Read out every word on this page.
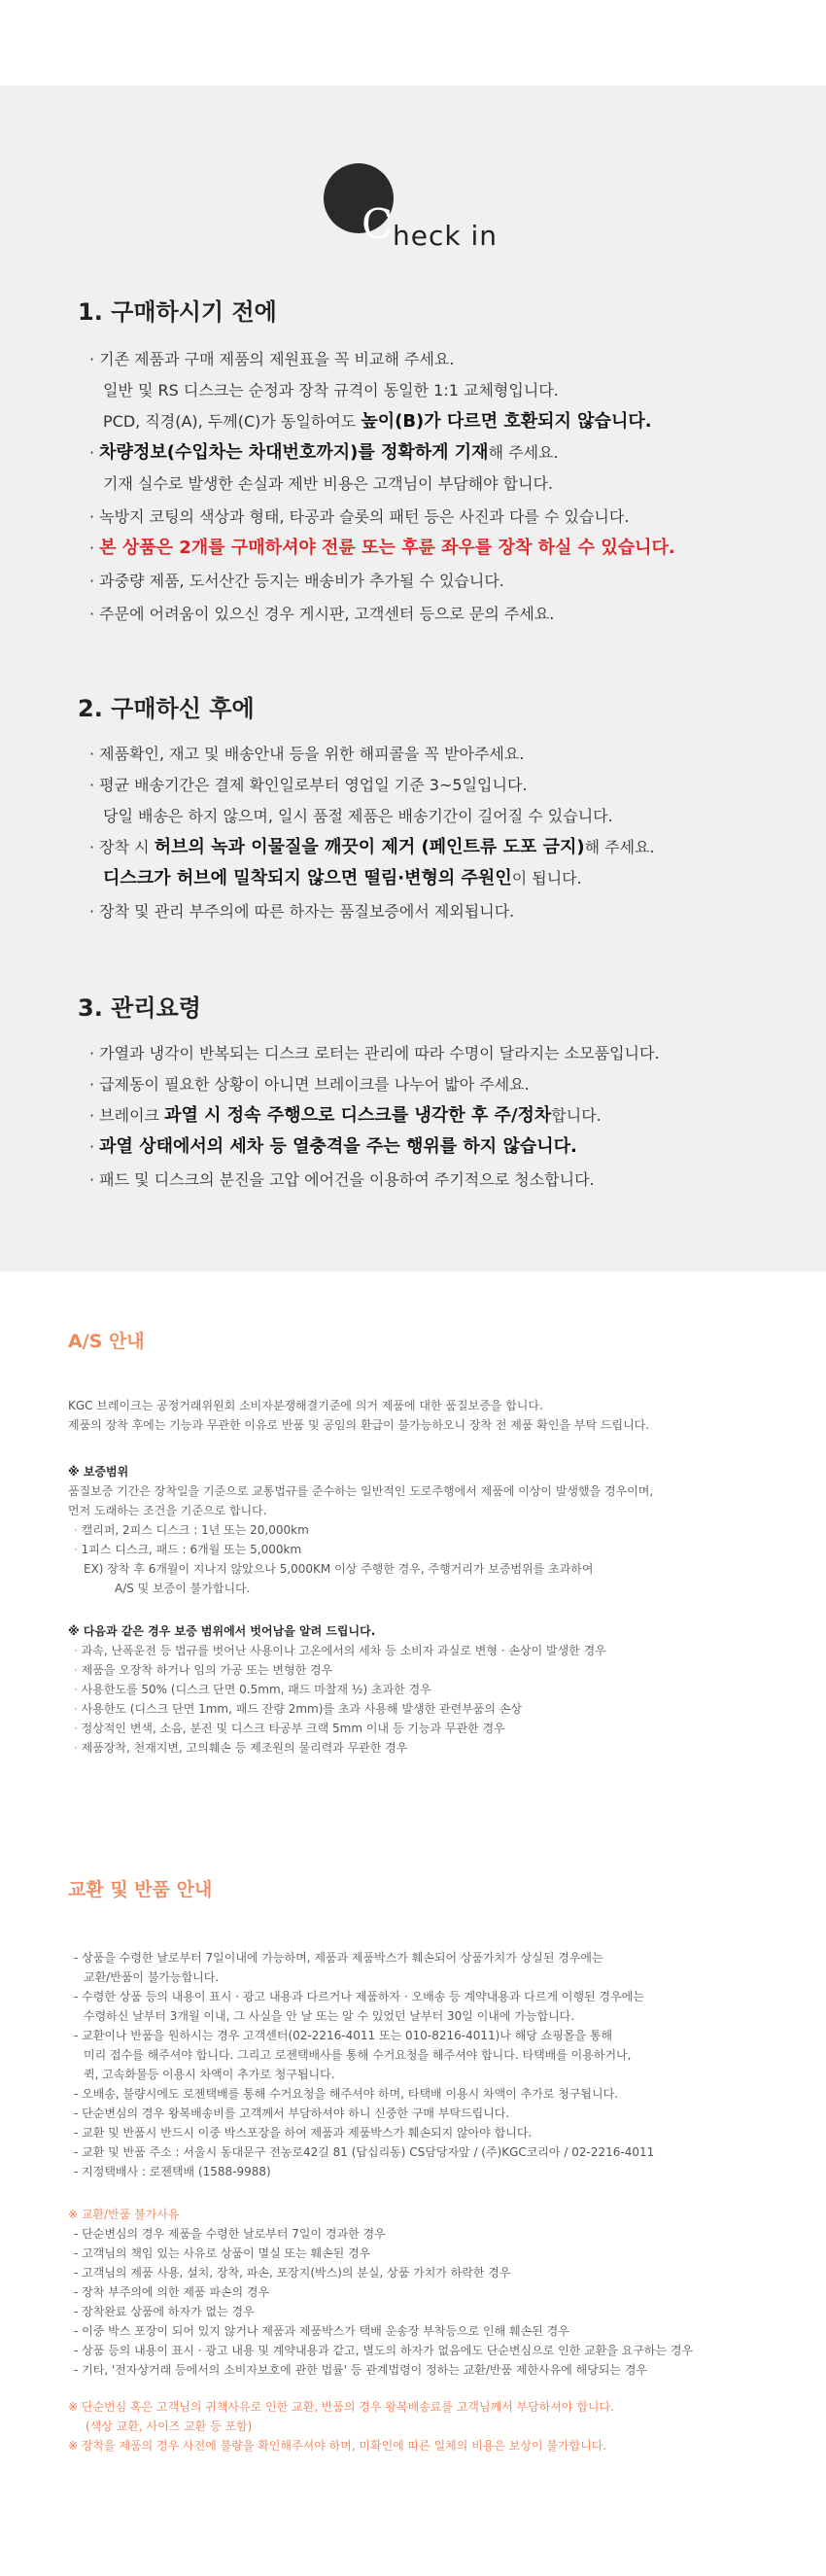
C heck in
1. 구매하시기 전에
· 기존 제품과 구매 제품의 제원표을 꼭 비교해 주세요.
일반 및 RS 디스크는 순정과 장착 규격이 동일한 1:1 교체형입니다.
PCD, 직경(A), 두께(C)가 동일하여도 높이(B)가 다르면 호환되지 않습니다.
· 차량정보(수입차는 차대번호까지)를 정확하게 기재해 주세요.
기재 실수로 발생한 손실과 제반 비용은 고객님이 부담해야 합니다.
· 녹방지 코팅의 색상과 형태, 타공과 슬롯의 패턴 등은 사진과 다를 수 있습니다.
· 본 상품은 2개를 구매하셔야 전륜 또는 후륜 좌우를 장착 하실 수 있습니다.
· 과중량 제품, 도서산간 등지는 배송비가 추가될 수 있습니다.
· 주문에 어려움이 있으신 경우 게시판, 고객센터 등으로 문의 주세요.
2. 구매하신 후에
· 제품확인, 재고 및 배송안내 등을 위한 해피콜을 꼭 받아주세요.
· 평균 배송기간은 결제 확인일로부터 영업일 기준 3~5일입니다.
당일 배송은 하지 않으며, 일시 품절 제품은 배송기간이 길어질 수 있습니다.
· 장착 시 허브의 녹과 이물질을 깨끗이 제거 (페인트류 도포 금지)해 주세요.
디스크가 허브에 밀착되지 않으면 떨림·변형의 주원인이 됩니다.
· 장착 및 관리 부주의에 따른 하자는 품질보증에서 제외됩니다.
3. 관리요령
· 가열과 냉각이 반복되는 디스크 로터는 관리에 따라 수명이 달라지는 소모품입니다.
· 급제동이 필요한 상황이 아니면 브레이크를 나누어 밟아 주세요.
· 브레이크 과열 시 정속 주행으로 디스크를 냉각한 후 주/정차합니다.
· 과열 상태에서의 세차 등 열충격을 주는 행위를 하지 않습니다.
· 패드 및 디스크의 분진을 고압 에어건을 이용하여 주기적으로 청소합니다.
A/S 안내
KGC 브레이크는 공정거래위원회 소비자분쟁해결기준에 의거 제품에 대한 품질보증을 합니다.
제품의 장착 후에는 기능과 무관한 이유로 반품 및 공임의 환급이 불가능하오니 장착 전 제품 확인을 부탁 드립니다.
※ 보증범위
품질보증 기간은 장착일을 기준으로 교통법규를 준수하는 일반적인 도로주행에서 제품에 이상이 발생했을 경우이며,
먼저 도래하는 조건을 기준으로 합니다.
· 캘리퍼, 2피스 디스크 : 1년 또는 20,000km
· 1피스 디스크, 패드 : 6개월 또는 5,000km
EX) 장착 후 6개월이 지나지 않았으나 5,000KM 이상 주행한 경우, 주행거리가 보증범위를 초과하여
A/S 및 보증이 불가합니다.
※ 다음과 같은 경우 보증 범위에서 벗어남을 알려 드립니다.
· 과속, 난폭운전 등 법규를 벗어난 사용이나 고온에서의 세차 등 소비자 과실로 변형 · 손상이 발생한 경우
· 제품을 오장착 하거나 임의 가공 또는 변형한 경우
· 사용한도를 50% (디스크 단면 0.5mm, 패드 마찰재 ½) 초과한 경우
· 사용한도 (디스크 단면 1mm, 패드 잔량 2mm)를 초과 사용해 발생한 관련부품의 손상
· 정상적인 변색, 소음, 분진 및 디스크 타공부 크랙 5mm 이내 등 기능과 무관한 경우
· 제품장착, 천재지변, 고의훼손 등 제조원의 물리력과 무관한 경우
교환 및 반품 안내
- 상품을 수령한 날로부터 7일이내에 가능하며, 제품과 제품박스가 훼손되어 상품가치가 상실된 경우에는
교환/반품이 불가능합니다.
- 수령한 상품 등의 내용이 표시 · 광고 내용과 다르거나 제품하자 · 오배송 등 계약내용과 다르게 이행된 경우에는
수령하신 날부터 3개월 이내, 그 사실을 안 날 또는 알 수 있었던 날부터 30일 이내에 가능합니다.
- 교환이나 반품을 원하시는 경우 고객센터(02-2216-4011 또는 010-8216-4011)나 해당 쇼핑몰을 통해
미리 접수를 해주셔야 합니다. 그리고 로젠택배사를 통해 수거요청을 해주셔야 합니다. 타택배를 이용하거나,
퀵, 고속화물등 이용시 차액이 추가로 청구됩니다.
- 오배송, 불량시에도 로젠택배를 통해 수거요청을 해주셔야 하며, 타택배 이용시 차액이 추가로 청구됩니다.
- 단순변심의 경우 왕복배송비를 고객께서 부담하셔야 하니 신중한 구매 부탁드립니다.
- 교환 및 반품시 반드시 이중 박스포장을 하여 제품과 제품박스가 훼손되지 않아야 합니다.
- 교환 및 반품 주소 : 서울시 동대문구 전농로42길 81 (답십리동) CS담당자앞 / (주)KGC코리아 / 02-2216-4011
- 지정택배사 : 로젠택배 (1588-9988)
※ 교환/반품 불가사유
- 단순변심의 경우 제품을 수령한 날로부터 7일이 경과한 경우
- 고객님의 책임 있는 사유로 상품이 멸실 또는 훼손된 경우
- 고객님의 제품 사용, 설치, 장착, 파손, 포장지(박스)의 분실, 상품 가치가 하락한 경우
- 장착 부주의에 의한 제품 파손의 경우
- 장착완료 상품에 하자가 없는 경우
- 이중 박스 포장이 되어 있지 않거나 제품과 제품박스가 택배 운송장 부착등으로 인해 훼손된 경우
- 상품 등의 내용이 표시 · 광고 내용 및 계약내용과 같고, 별도의 하자가 없음에도 단순변심으로 인한 교환을 요구하는 경우
- 기타, '전자상거래 등에서의 소비자보호에 관한 법률' 등 관계법령이 정하는 교환/반품 제한사유에 해당되는 경우
※ 단순변심 혹은 고객님의 귀책사유로 인한 교환, 반품의 경우 왕복배송료를 고객님께서 부담하셔야 합니다.
(색상 교환, 사이즈 교환 등 포함)
※ 장착을 제품의 경우 사전에 불량을 확인해주셔야 하며, 미확인에 따른 일체의 비용은 보상이 불가합니다.
